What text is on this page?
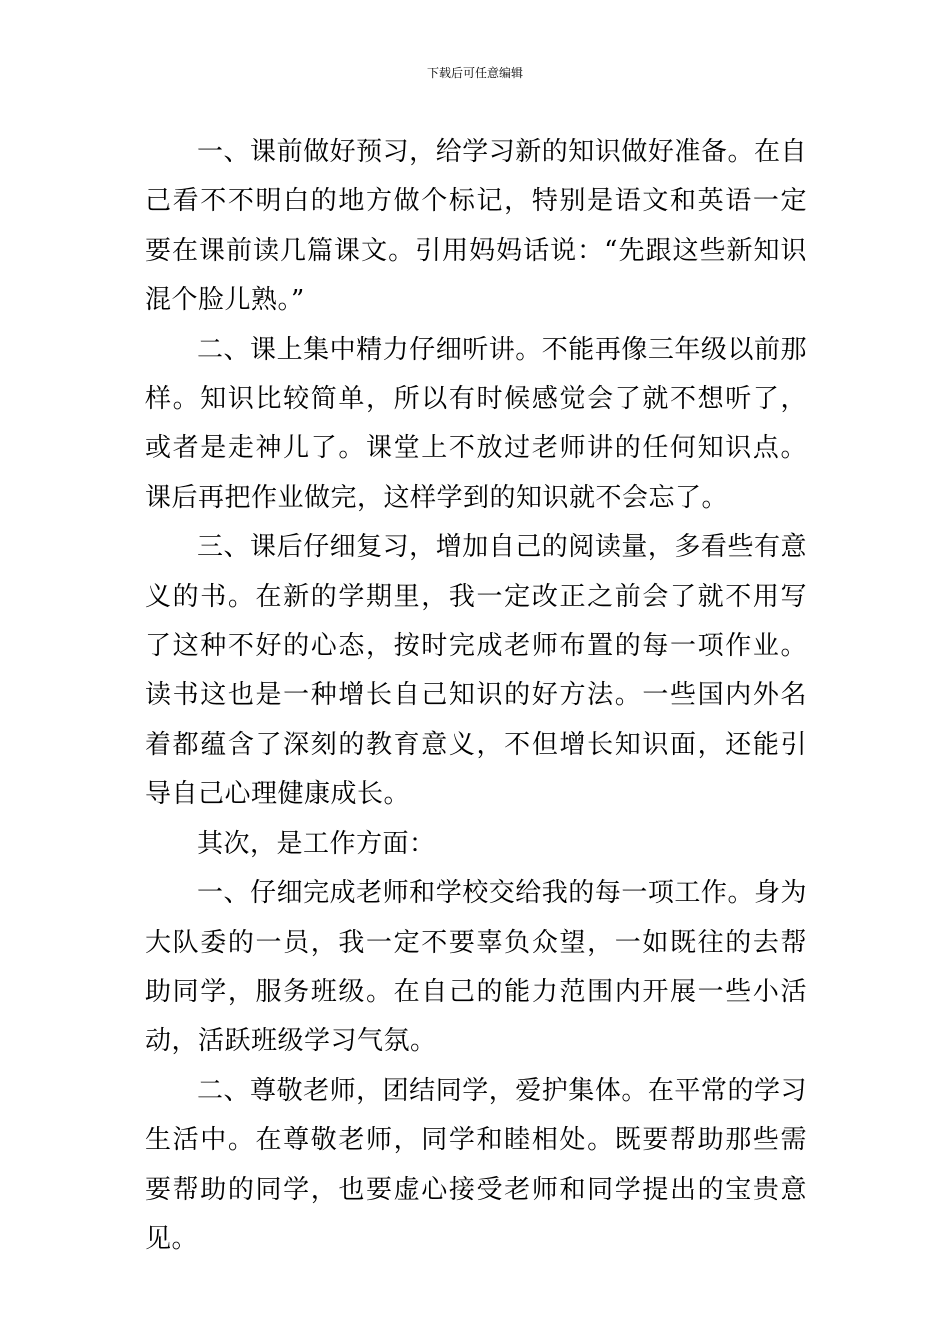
下载后可任意编辑

一、课前做好预习，给学习新的知识做好准备。在自己看不不明白的地方做个标记，特别是语文和英语一定要在课前读几篇课文。引用妈妈话说：“先跟这些新知识混个脸儿熟。”

二、课上集中精力仔细听讲。不能再像三年级以前那样。知识比较简单，所以有时候感觉会了就不想听了，或者是走神儿了。课堂上不放过老师讲的任何知识点。课后再把作业做完，这样学到的知识就不会忘了。

三、课后仔细复习，增加自己的阅读量，多看些有意义的书。在新的学期里，我一定改正之前会了就不用写了这种不好的心态，按时完成老师布置的每一项作业。读书这也是一种增长自己知识的好方法。一些国内外名着都蕴含了深刻的教育意义，不但增长知识面，还能引导自己心理健康成长。

其次，是工作方面：

一、仔细完成老师和学校交给我的每一项工作。身为大队委的一员，我一定不要辜负众望，一如既往的去帮助同学，服务班级。在自己的能力范围内开展一些小活动，活跃班级学习气氛。

二、尊敬老师，团结同学，爱护集体。在平常的学习生活中。在尊敬老师，同学和睦相处。既要帮助那些需要帮助的同学，也要虚心接受老师和同学提出的宝贵意见。
